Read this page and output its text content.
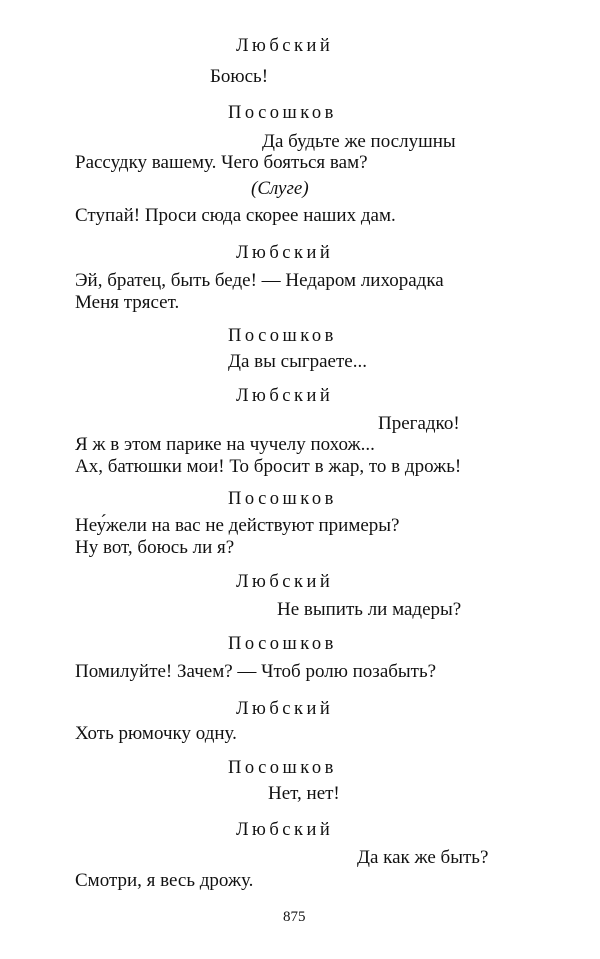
Любский
Боюсь!
Посошков
Да будьте же послушны
Рассудку вашему. Чего бояться вам?
(Слуге)
Ступай! Проси сюда скорее наших дам.
Любский
Эй, братец, быть беде! — Недаром лихорадка
Меня трясет.
Посошков
Да вы сыграете...
Любский
Прегадко!
Я ж в этом парике на чучелу похож...
Ах, батюшки мои! То бросит в жар, то в дрожь!
Посошков
Неу́жели на вас не действуют примеры?
Ну вот, боюсь ли я?
Любский
Не выпить ли мадеры?
Посошков
Помилуйте! Зачем? — Чтоб ролю позабыть?
Любский
Хоть рюмочку одну.
Посошков
Нет, нет!
Любский
Да как же быть?
Смотри, я весь дрожу.
875
